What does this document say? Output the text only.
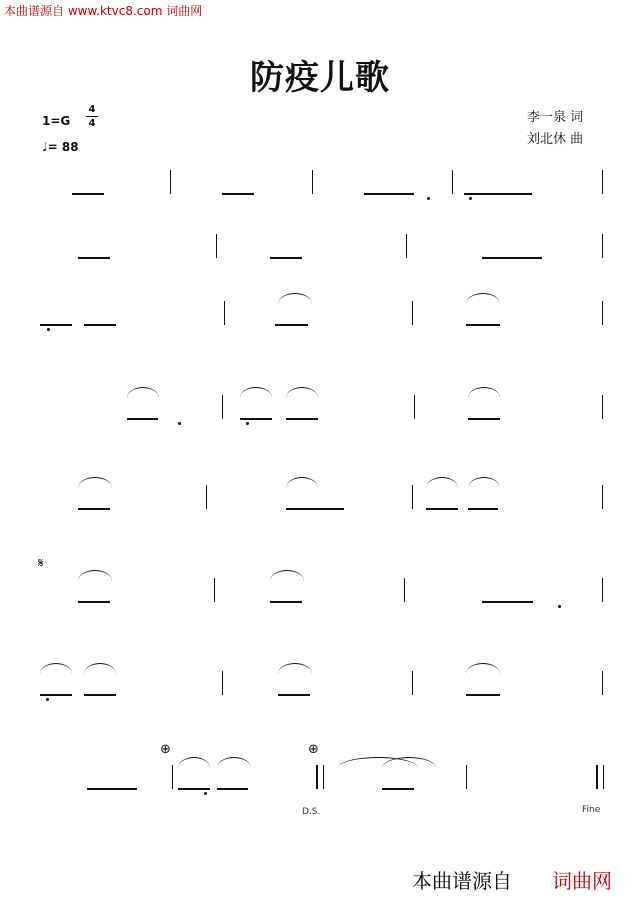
本曲谱源自 www.ktvc8.com 词曲网
防疫儿歌
1=G
4
4
♩= 88
李一泉 词
刘北休 曲
𝄋
⊕	⊕
D.S.	Fine
本曲谱源自 词曲网
